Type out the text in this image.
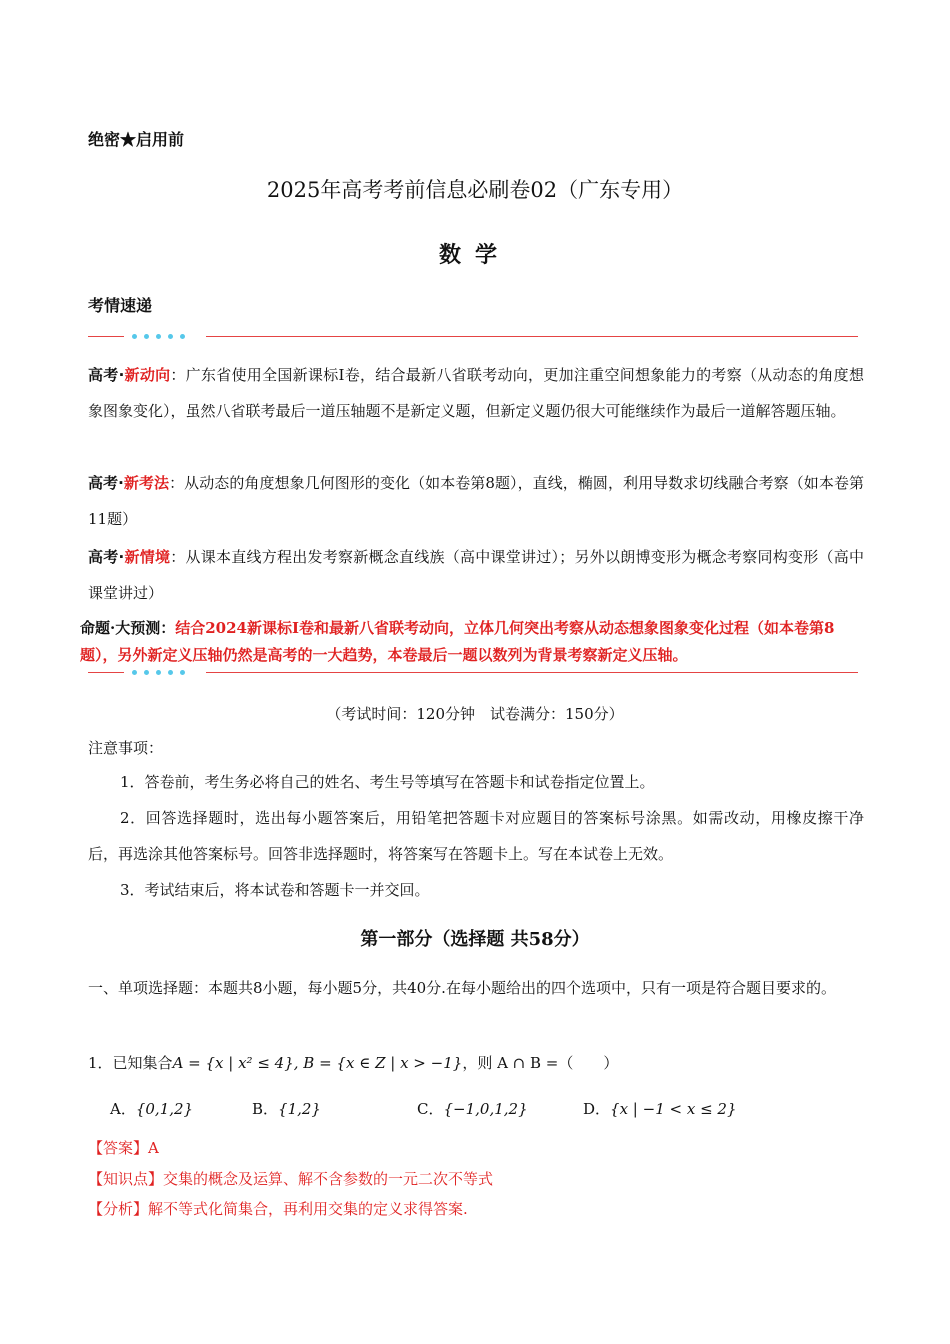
绝密★启用前
2025年高考考前信息必刷卷02（广东专用）
数学
考情速递
高考·新动向：广东省使用全国新课标Ⅰ卷，结合最新八省联考动向，更加注重空间想象能力的考察（从动态的角度想象图象变化），虽然八省联考最后一道压轴题不是新定义题，但新定义题仍很大可能继续作为最后一道解答题压轴。
高考·新考法：从动态的角度想象几何图形的变化（如本卷第8题），直线，椭圆，利用导数求切线融合考察（如本卷第11题）
高考·新情境：从课本直线方程出发考察新概念直线族（高中课堂讲过）；另外以朗博变形为概念考察同构变形（高中课堂讲过）
命题·大预测：结合2024新课标Ⅰ卷和最新八省联考动向，立体几何突出考察从动态想象图象变化过程（如本卷第8题），另外新定义压轴仍然是高考的一大趋势，本卷最后一题以数列为背景考察新定义压轴。
（考试时间：120分钟　试卷满分：150分）
注意事项：
1．答卷前，考生务必将自己的姓名、考生号等填写在答题卡和试卷指定位置上。
2．回答选择题时，选出每小题答案后，用铅笔把答题卡对应题目的答案标号涂黑。如需改动，用橡皮擦干净后，再选涂其他答案标号。回答非选择题时，将答案写在答题卡上。写在本试卷上无效。
3．考试结束后，将本试卷和答题卡一并交回。
第一部分（选择题 共58分）
一、单项选择题：本题共8小题，每小题5分，共40分.在每小题给出的四个选项中，只有一项是符合题目要求的。
1．已知集合A = {x | x² ≤ 4}, B = {x ∈ Z | x > −1}，则 A ∩ B =（　　）
A．{0,1,2}	B．{1,2}	C．{−1,0,1,2}	D．{x | −1 < x ≤ 2}
【答案】A
【知识点】交集的概念及运算、解不含参数的一元二次不等式
【分析】解不等式化简集合，再利用交集的定义求得答案.
